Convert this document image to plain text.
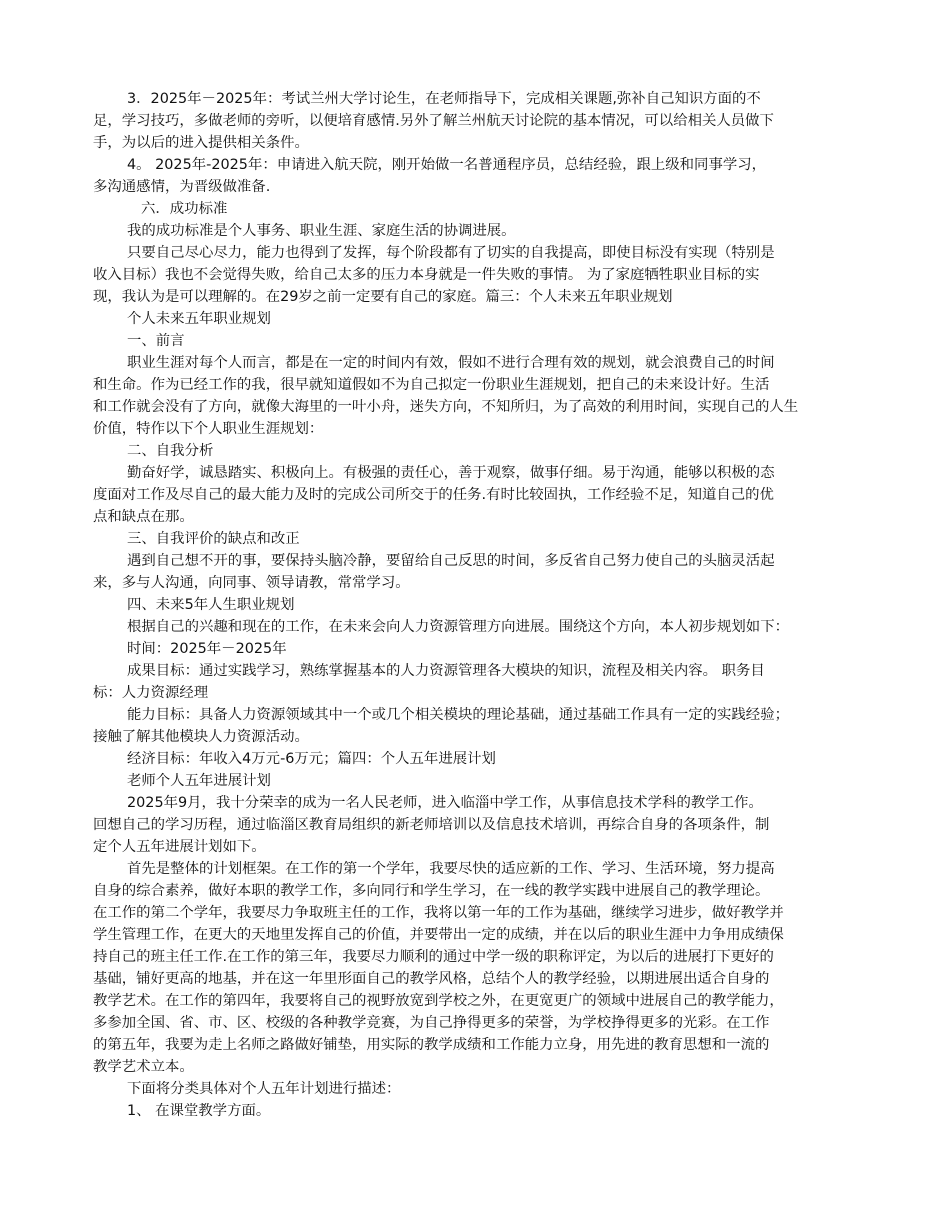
3．2025年－2025年：考试兰州大学讨论生，在老师指导下，完成相关课题,弥补自己知识方面的不
足，学习技巧，多做老师的旁听，以便培育感情.另外了解兰州航天讨论院的基本情况，可以给相关人员做下
手，为以后的进入提供相关条件。
4。 2025年-2025年：申请进入航天院，刚开始做一名普通程序员，总结经验，跟上级和同事学习，
多沟通感情，为晋级做准备.
六．成功标准
我的成功标准是个人事务、职业生涯、家庭生活的协调进展。
只要自己尽心尽力，能力也得到了发挥，每个阶段都有了切实的自我提高，即使目标没有实现（特别是
收入目标）我也不会觉得失败，给自己太多的压力本身就是一件失败的事情。 为了家庭牺牲职业目标的实
现，我认为是可以理解的。在29岁之前一定要有自己的家庭。篇三：个人未来五年职业规划
个人未来五年职业规划
一、前言
职业生涯对每个人而言，都是在一定的时间内有效，假如不进行合理有效的规划，就会浪费自己的时间
和生命。作为已经工作的我，很早就知道假如不为自己拟定一份职业生涯规划，把自己的未来设计好。生活
和工作就会没有了方向，就像大海里的一叶小舟，迷失方向，不知所归，为了高效的利用时间，实现自己的人生
价值，特作以下个人职业生涯规划：
二、自我分析
勤奋好学，诚恳踏实、积极向上。有极强的责任心，善于观察，做事仔细。易于沟通，能够以积极的态
度面对工作及尽自己的最大能力及时的完成公司所交于的任务.有时比较固执，工作经验不足，知道自己的优
点和缺点在那。
三、自我评价的缺点和改正
遇到自己想不开的事，要保持头脑冷静，要留给自己反思的时间，多反省自己努力使自己的头脑灵活起
来，多与人沟通，向同事、领导请教，常常学习。
四、未来5年人生职业规划
根据自己的兴趣和现在的工作，在未来会向人力资源管理方向进展。围绕这个方向，本人初步规划如下：
时间：2025年－2025年
成果目标：通过实践学习，熟练掌握基本的人力资源管理各大模块的知识，流程及相关内容。 职务目
标：人力资源经理
能力目标：具备人力资源领域其中一个或几个相关模块的理论基础，通过基础工作具有一定的实践经验；
接触了解其他模块人力资源活动。
经济目标：年收入4万元-6万元；篇四：个人五年进展计划
老师个人五年进展计划
2025年9月，我十分荣幸的成为一名人民老师，进入临淄中学工作，从事信息技术学科的教学工作。
回想自己的学习历程，通过临淄区教育局组织的新老师培训以及信息技术培训，再综合自身的各项条件，制
定个人五年进展计划如下。
首先是整体的计划框架。在工作的第一个学年，我要尽快的适应新的工作、学习、生活环境，努力提高
自身的综合素养，做好本职的教学工作，多向同行和学生学习，在一线的教学实践中进展自己的教学理论。
在工作的第二个学年，我要尽力争取班主任的工作，我将以第一年的工作为基础，继续学习进步，做好教学并
学生管理工作，在更大的天地里发挥自己的价值，并要带出一定的成绩，并在以后的职业生涯中力争用成绩保
持自己的班主任工作.在工作的第三年，我要尽力顺利的通过中学一级的职称评定，为以后的进展打下更好的
基础，铺好更高的地基，并在这一年里形面自己的教学风格，总结个人的教学经验，以期进展出适合自身的
教学艺术。在工作的第四年，我要将自己的视野放宽到学校之外，在更宽更广的领域中进展自己的教学能力，
多参加全国、省、市、区、校级的各种教学竞赛，为自己挣得更多的荣誉，为学校挣得更多的光彩。在工作
的第五年，我要为走上名师之路做好铺垫，用实际的教学成绩和工作能力立身，用先进的教育思想和一流的
教学艺术立本。
下面将分类具体对个人五年计划进行描述：
1、 在课堂教学方面。
